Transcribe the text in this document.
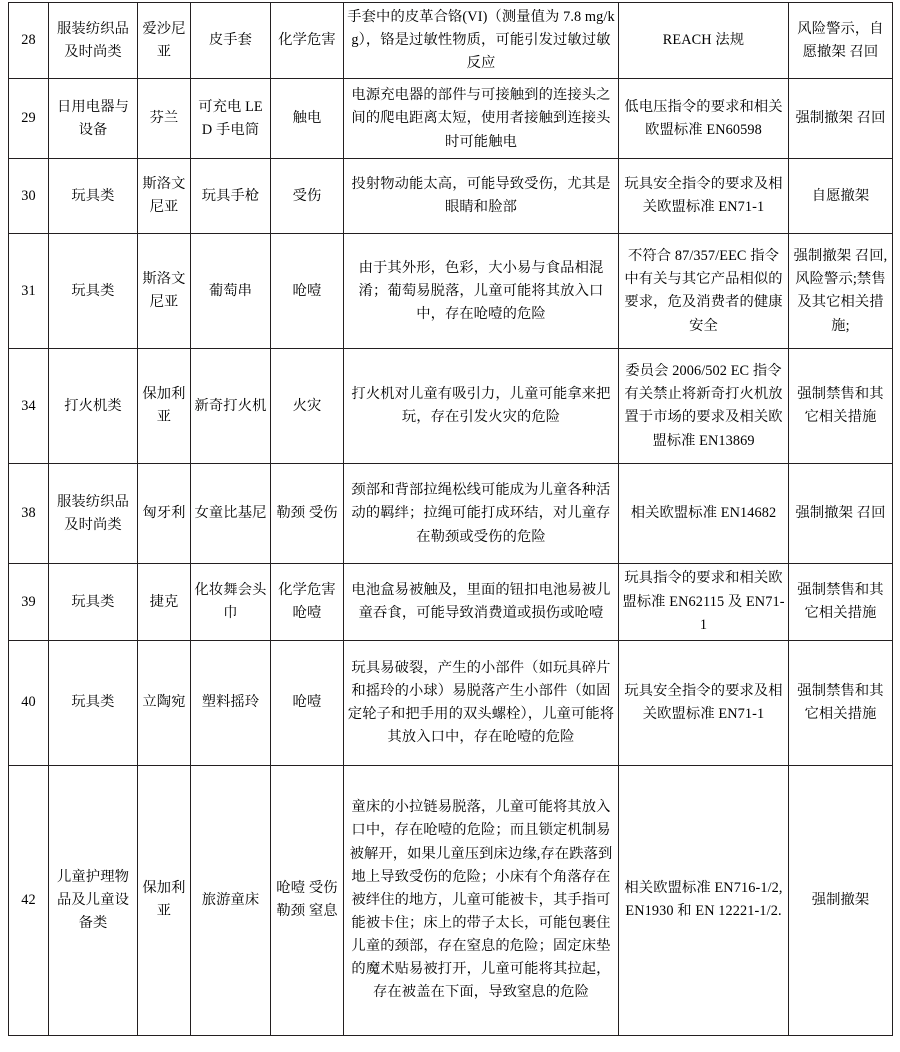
28	服装纺织品及时尚类	爱沙尼亚	皮手套	化学危害	手套中的皮革合铬(VI)（测量值为 7.8 mg/kg），铬是过敏性物质，可能引发过敏过敏反应	REACH 法规	风险警示，自愿撤架 召回
29	日用电器与设备	芬兰	可充电 LED 手电筒	触电	电源充电器的部件与可接触到的连接头之间的爬电距离太短，使用者接触到连接头时可能触电	低电压指令的要求和相关欧盟标准 EN60598	强制撤架 召回
30	玩具类	斯洛文尼亚	玩具手枪	受伤	投射物动能太高，可能导致受伤，尤其是眼睛和脸部	玩具安全指令的要求及相关欧盟标准 EN71-1	自愿撤架
31	玩具类	斯洛文尼亚	葡萄串	呛噎	由于其外形，色彩，大小易与食品相混淆；葡萄易脱落，儿童可能将其放入口中，存在呛噎的危险	不符合 87/357/EEC 指令中有关与其它产品相似的要求，危及消费者的健康安全	强制撤架 召回,风险警示;禁售及其它相关措施;
34	打火机类	保加利亚	新奇打火机	火灾	打火机对儿童有吸引力，儿童可能拿来把玩，存在引发火灾的危险	委员会 2006/502 EC 指令有关禁止将新奇打火机放置于市场的要求及相关欧盟标准 EN13869	强制禁售和其它相关措施
38	服装纺织品及时尚类	匈牙利	女童比基尼	勒颈 受伤	颈部和背部拉绳松线可能成为儿童各种活动的羁绊；拉绳可能打成环结，对儿童存在勒颈或受伤的危险	相关欧盟标准 EN14682	强制撤架 召回
39	玩具类	捷克	化妆舞会头巾	化学危害 呛噎	电池盒易被触及，里面的钮扣电池易被儿童吞食，可能导致消费道或损伤或呛噎	玩具指令的要求和相关欧盟标准 EN62115 及 EN71-1	强制禁售和其它相关措施
40	玩具类	立陶宛	塑料摇玲	呛噎	玩具易破裂，产生的小部件（如玩具碎片和摇玲的小球）易脱落产生小部件（如固定轮子和把手用的双头螺栓），儿童可能将其放入口中，存在呛噎的危险	玩具安全指令的要求及相关欧盟标准 EN71-1	强制禁售和其它相关措施
42	儿童护理物品及儿童设备类	保加利亚	旅游童床	呛噎 受伤 勒颈 窒息	童床的小拉链易脱落，儿童可能将其放入口中，存在呛噎的危险；而且锁定机制易被解开，如果儿童压到床边缘,存在跌落到地上导致受伤的危险；小床有个角落存在被绊住的地方，儿童可能被卡，其手指可能被卡住；床上的带子太长，可能包裹住儿童的颈部，存在窒息的危险；固定床垫的魔术贴易被打开，儿童可能将其拉起，存在被盖在下面，导致窒息的危险	相关欧盟标准 EN716-1/2,EN1930 和 EN 12221-1/2.	强制撤架
